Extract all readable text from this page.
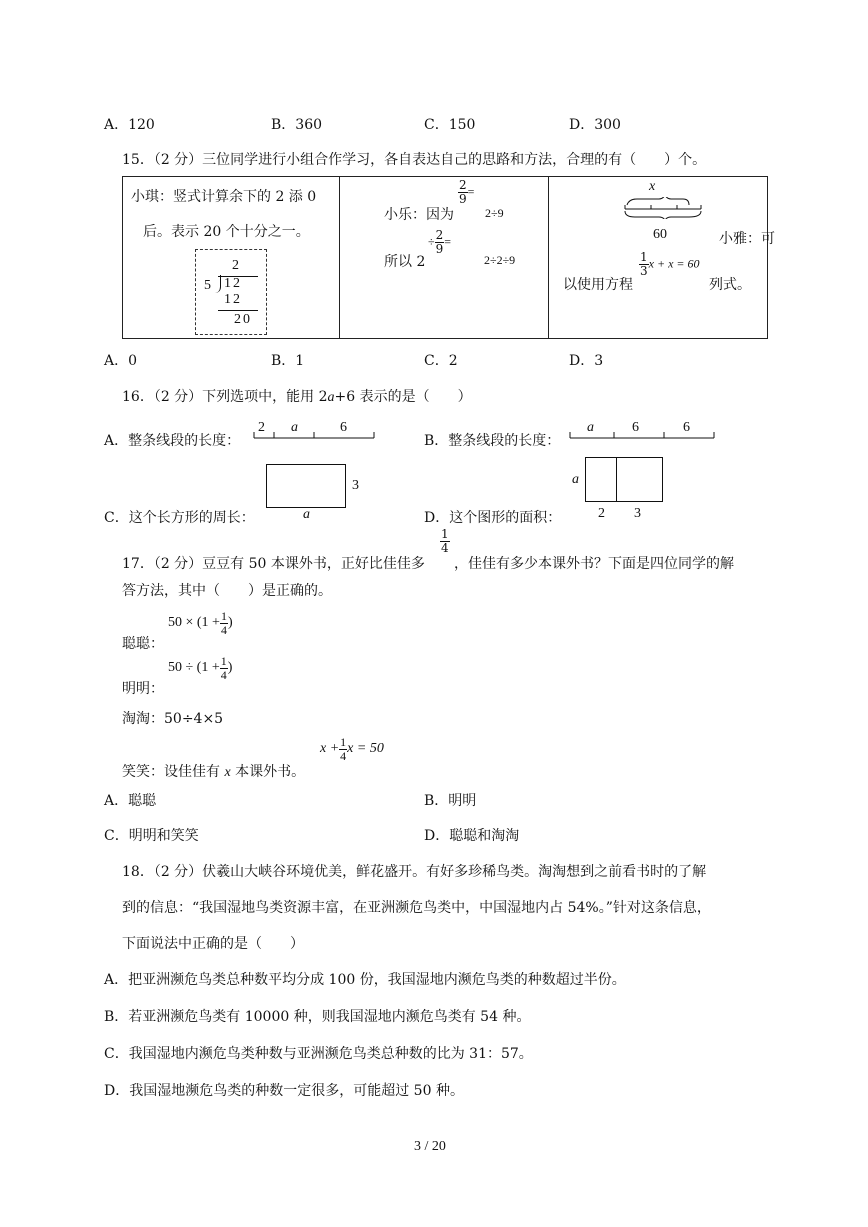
A．120	B．360	C．150	D．300
15．（2 分）三位同学进行小组合作学习，各自表达自己的思路和方法，合理的有（　　）个。
小琪：竖式计算余下的 2 添 0
后。表示 20 个十分之一。
2
5 12
12
20

$\frac{2}{9}$ =
小乐：因为	2÷9
所以 2
÷ $\frac{2}{9}$ =
2÷2÷9

x
60	小雅：可
以使用方程
$\frac{1}{3}$ x + x = 60
列式。
A．0	B．1	C．2	D．3
16．（2 分）下列选项中，能用 2a+6 表示的是（　　）
A．整条线段的长度：
2 a	6
B．整条线段的长度：
a	6	6
C．这个长方形的周长：
3
a	D．这个图形的面积：
a
2 3
17．（2 分）豆豆有 50 本课外书，正好比佳佳多
$\frac{1}{4}$
，佳佳有多少本课外书？下面是四位同学的解
答方法，其中（　　）是正确的。
聪聪：
$50 \times (1 + \frac{1}{4}$ )
明明：
$50 \div (1 + \frac{1}{4}$ )
淘淘：50÷4×5
笑笑：设佳佳有 x 本课外书。
$x + \frac{1}{4}$ x = 50
A．聪聪	B．明明
C．明明和笑笑	D．聪聪和淘淘
18．（2 分）伏羲山大峡谷环境优美，鲜花盛开。有好多珍稀鸟类。淘淘想到之前看书时的了解
到的信息：“我国湿地鸟类资源丰富，在亚洲濒危鸟类中，中国湿地内占 54%。”针对这条信息，
下面说法中正确的是（　　）
A．把亚洲濒危鸟类总种数平均分成 100 份，我国湿地内濒危鸟类的种数超过半份。
B．若亚洲濒危鸟类有 10000 种，则我国湿地内濒危鸟类有 54 种。
C．我国湿地内濒危鸟类种数与亚洲濒危鸟类总种数的比为 31：57。
D．我国湿地濒危鸟类的种数一定很多，可能超过 50 种。
3 / 20
